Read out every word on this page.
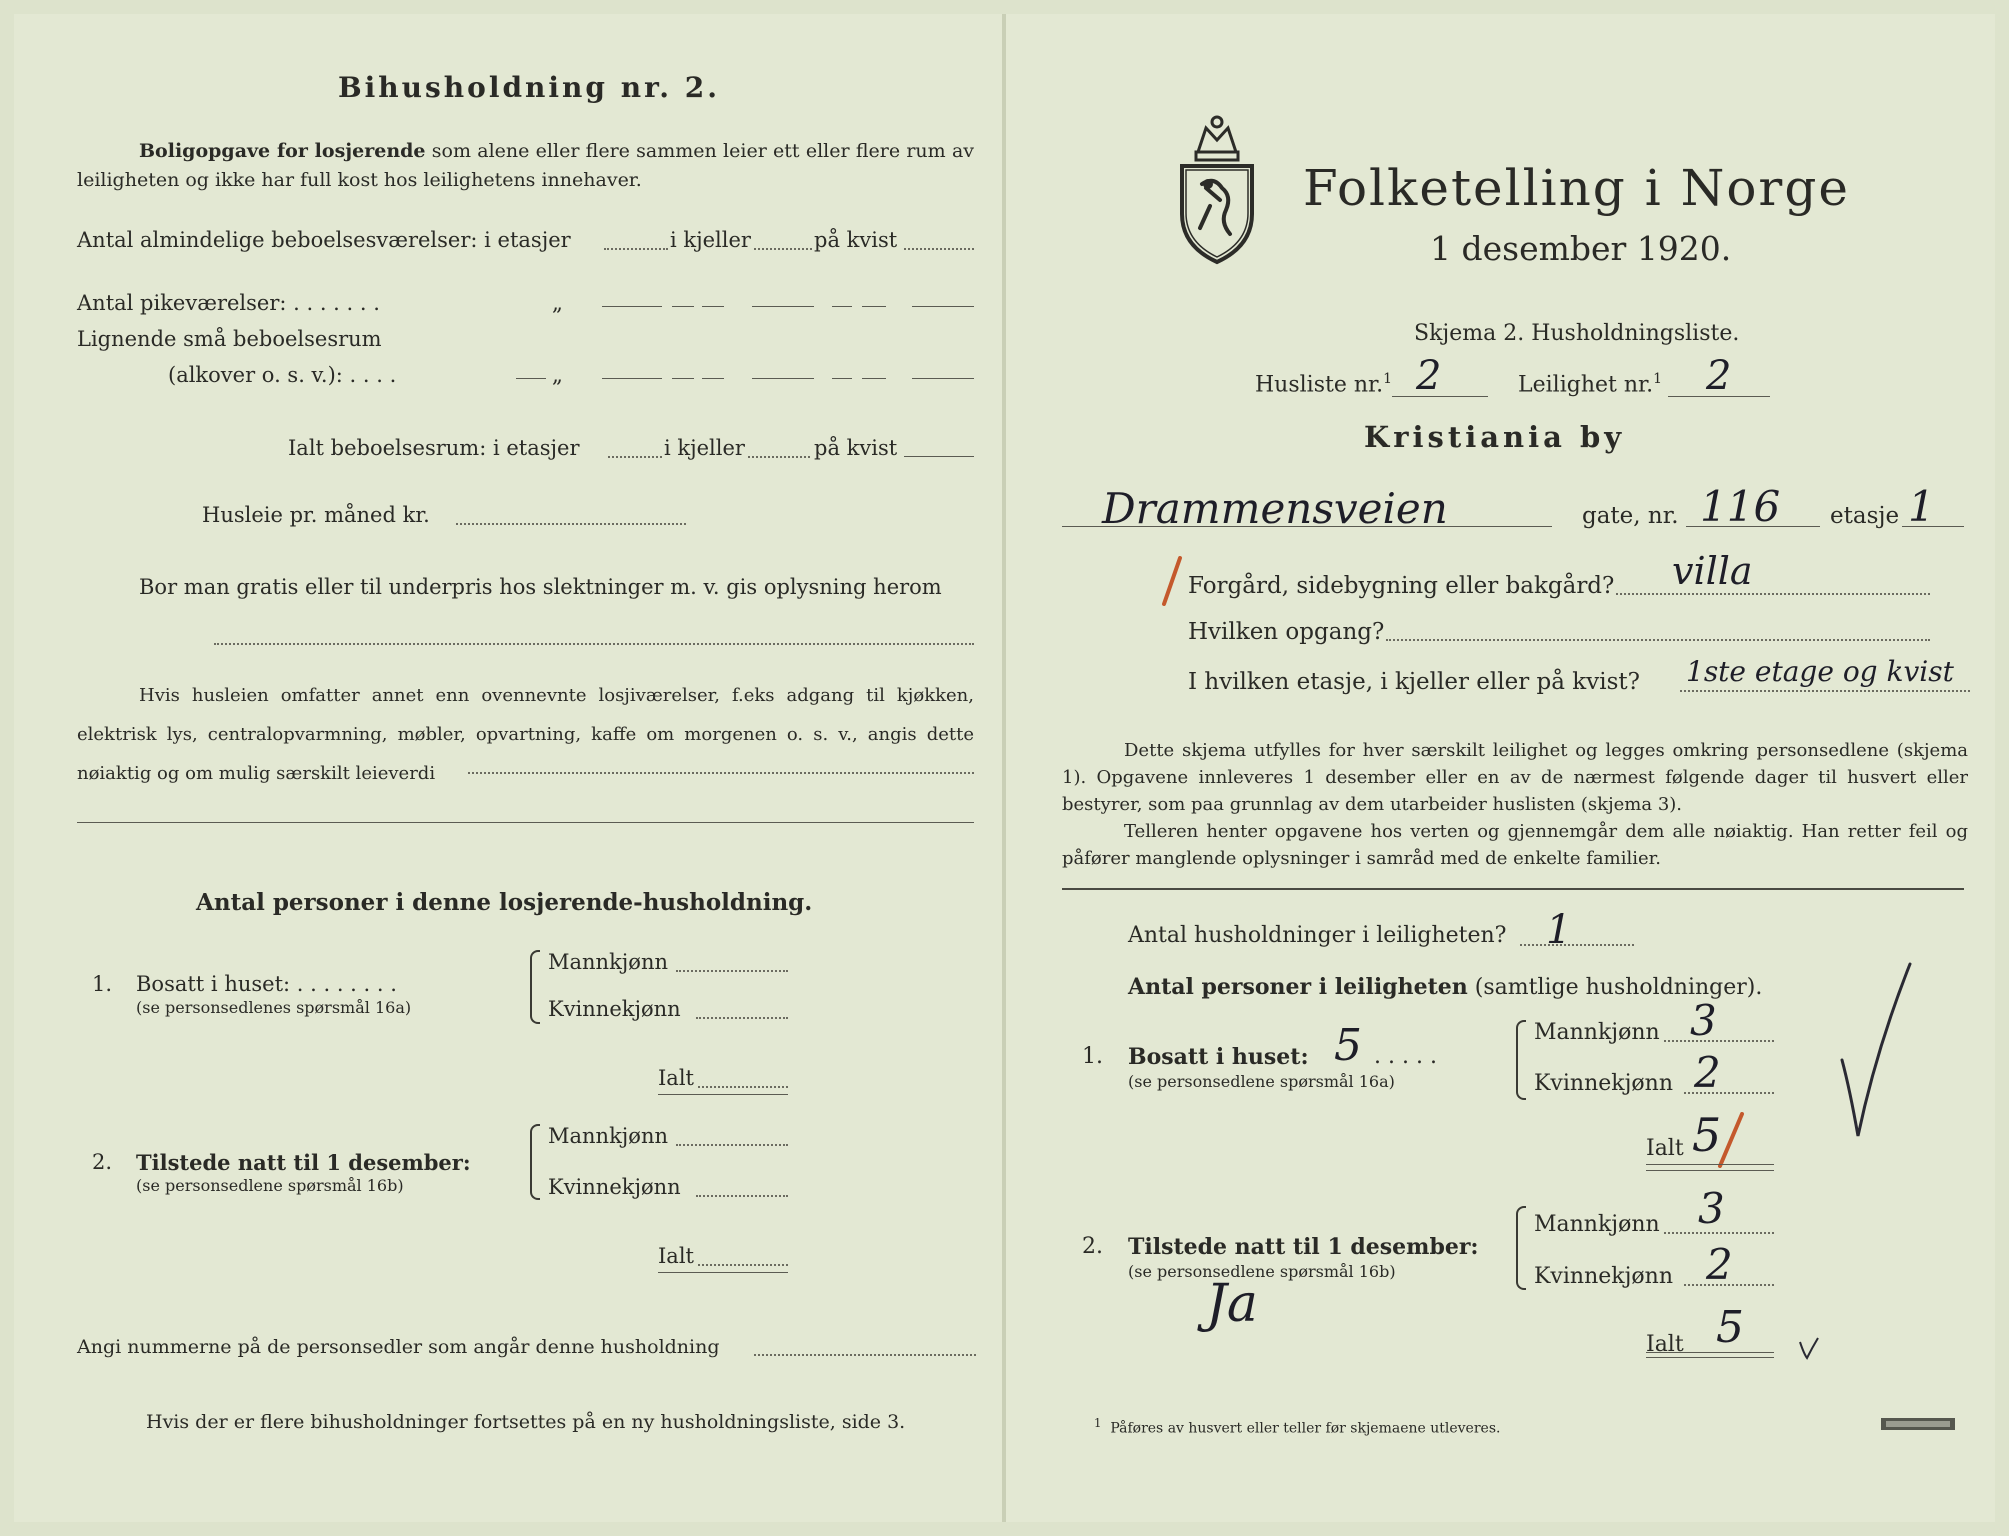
Bihusholdning nr. 2.
Boligopgave for losjerende som alene eller flere sammen leier ett eller flere rum av leiligheten og ikke har full kost hos leilighetens innehaver.
Antal almindelige beboelsesværelser: i etasjer	i kjeller	på kvist
Antal pikeværelser: . . . . . . .	„
Lignende små beboelsesrum
(alkover o. s. v.): . . . .	„
Ialt beboelsesrum: i etasjer	i kjeller	på kvist
Husleie pr. måned kr.
Bor man gratis eller til underpris hos slektninger m. v. gis oplysning herom
Hvis husleien omfatter annet enn ovennevnte losjiværelser, f.eks adgang til kjøkken, elektrisk lys, centralopvarmning, møbler, opvartning, kaffe om morgenen o. s. v., angis dette nøiaktig og om mulig særskilt leieverdi
Antal personer i denne losjerende-husholdning.
1. Bosatt i huset: . . . . . . . .
(se personsedlenes spørsmål 16a)
Mannkjønn
Kvinnekjønn
Ialt
2. Tilstede natt til 1 desember:
(se personsedlene spørsmål 16b)
Mannkjønn
Kvinnekjønn
Ialt
Angi nummerne på de personsedler som angår denne husholdning
Hvis der er flere bihusholdninger fortsettes på en ny husholdningsliste, side 3.
Folketelling i Norge
1 desember 1920.
Skjema 2. Husholdningsliste.
Husliste nr.$^1$ 2	Leilighet nr.$^1$ 2
Kristiania by
Drammensveien	gate, nr. 116 etasje 1
Forgård, sidebygning eller bakgård? villa
Hvilken opgang?
I hvilken etasje, i kjeller eller på kvist? 1ste etage og kvist
Dette skjema utfylles for hver særskilt leilighet og legges omkring personsedlene (skjema 1). Opgavene innleveres 1 desember eller en av de nærmest følgende dager til husvert eller bestyrer, som paa grunnlag av dem utarbeider huslisten (skjema 3).
Telleren henter opgavene hos verten og gjennemgår dem alle nøiaktig. Han retter feil og påfører manglende oplysninger i samråd med de enkelte familier.
Antal husholdninger i leiligheten? 1
Antal personer i leiligheten (samtlige husholdninger).
1. Bosatt i huset: 5 . . . . .
(se personsedlene spørsmål 16a)
Mannkjønn 3
Kvinnekjønn 2
Ialt 5
2. Tilstede natt til 1 desember:
(se personsedlene spørsmål 16b)
Mannkjønn 3
Kvinnekjønn 2
Ja
Ialt 5
$^1$ Påføres av husvert eller teller før skjemaene utleveres.
